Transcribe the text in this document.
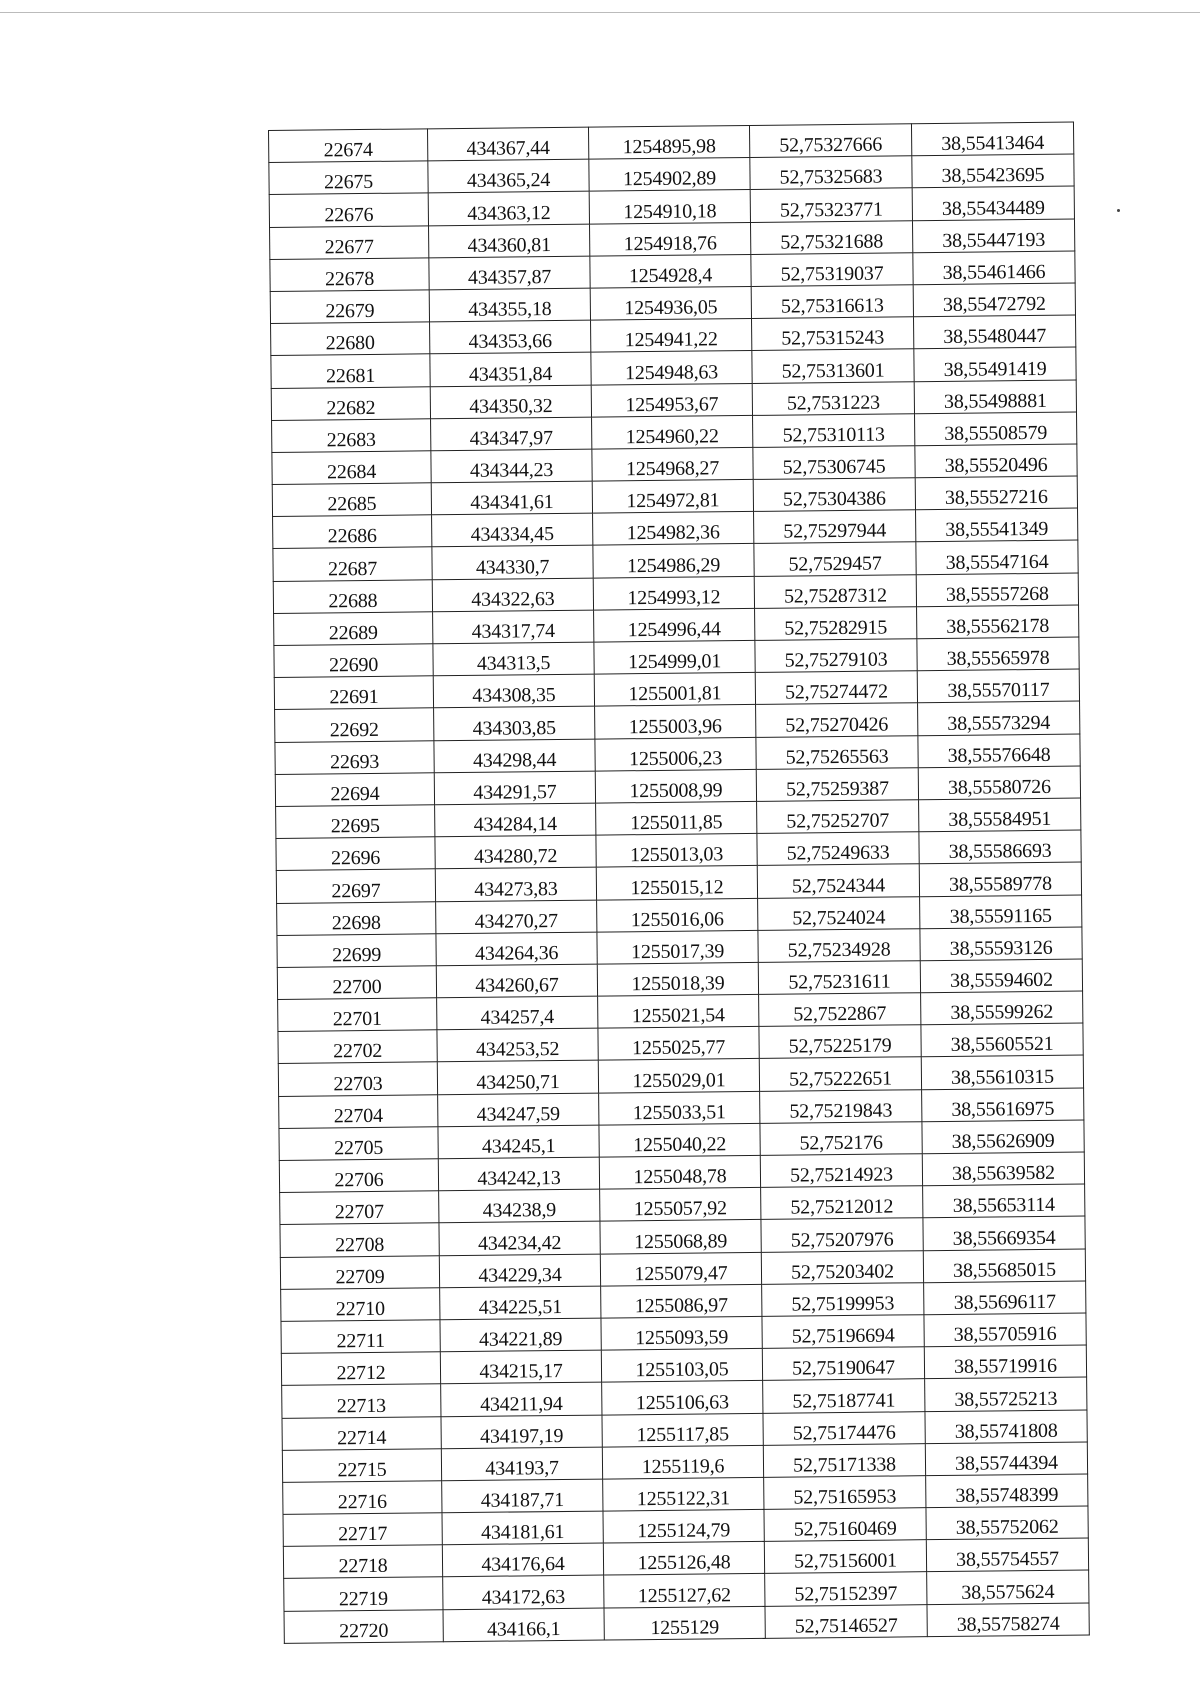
22674	434367,44	1254895,98	52,75327666	38,55413464
22675	434365,24	1254902,89	52,75325683	38,55423695
22676	434363,12	1254910,18	52,75323771	38,55434489
22677	434360,81	1254918,76	52,75321688	38,55447193
22678	434357,87	1254928,4	52,75319037	38,55461466
22679	434355,18	1254936,05	52,75316613	38,55472792
22680	434353,66	1254941,22	52,75315243	38,55480447
22681	434351,84	1254948,63	52,75313601	38,55491419
22682	434350,32	1254953,67	52,7531223	38,55498881
22683	434347,97	1254960,22	52,75310113	38,55508579
22684	434344,23	1254968,27	52,75306745	38,55520496
22685	434341,61	1254972,81	52,75304386	38,55527216
22686	434334,45	1254982,36	52,75297944	38,55541349
22687	434330,7	1254986,29	52,7529457	38,55547164
22688	434322,63	1254993,12	52,75287312	38,55557268
22689	434317,74	1254996,44	52,75282915	38,55562178
22690	434313,5	1254999,01	52,75279103	38,55565978
22691	434308,35	1255001,81	52,75274472	38,55570117
22692	434303,85	1255003,96	52,75270426	38,55573294
22693	434298,44	1255006,23	52,75265563	38,55576648
22694	434291,57	1255008,99	52,75259387	38,55580726
22695	434284,14	1255011,85	52,75252707	38,55584951
22696	434280,72	1255013,03	52,75249633	38,55586693
22697	434273,83	1255015,12	52,7524344	38,55589778
22698	434270,27	1255016,06	52,7524024	38,55591165
22699	434264,36	1255017,39	52,75234928	38,55593126
22700	434260,67	1255018,39	52,75231611	38,55594602
22701	434257,4	1255021,54	52,7522867	38,55599262
22702	434253,52	1255025,77	52,75225179	38,55605521
22703	434250,71	1255029,01	52,75222651	38,55610315
22704	434247,59	1255033,51	52,75219843	38,55616975
22705	434245,1	1255040,22	52,752176	38,55626909
22706	434242,13	1255048,78	52,75214923	38,55639582
22707	434238,9	1255057,92	52,75212012	38,55653114
22708	434234,42	1255068,89	52,75207976	38,55669354
22709	434229,34	1255079,47	52,75203402	38,55685015
22710	434225,51	1255086,97	52,75199953	38,55696117
22711	434221,89	1255093,59	52,75196694	38,55705916
22712	434215,17	1255103,05	52,75190647	38,55719916
22713	434211,94	1255106,63	52,75187741	38,55725213
22714	434197,19	1255117,85	52,75174476	38,55741808
22715	434193,7	1255119,6	52,75171338	38,55744394
22716	434187,71	1255122,31	52,75165953	38,55748399
22717	434181,61	1255124,79	52,75160469	38,55752062
22718	434176,64	1255126,48	52,75156001	38,55754557
22719	434172,63	1255127,62	52,75152397	38,5575624
22720	434166,1	1255129	52,75146527	38,55758274
